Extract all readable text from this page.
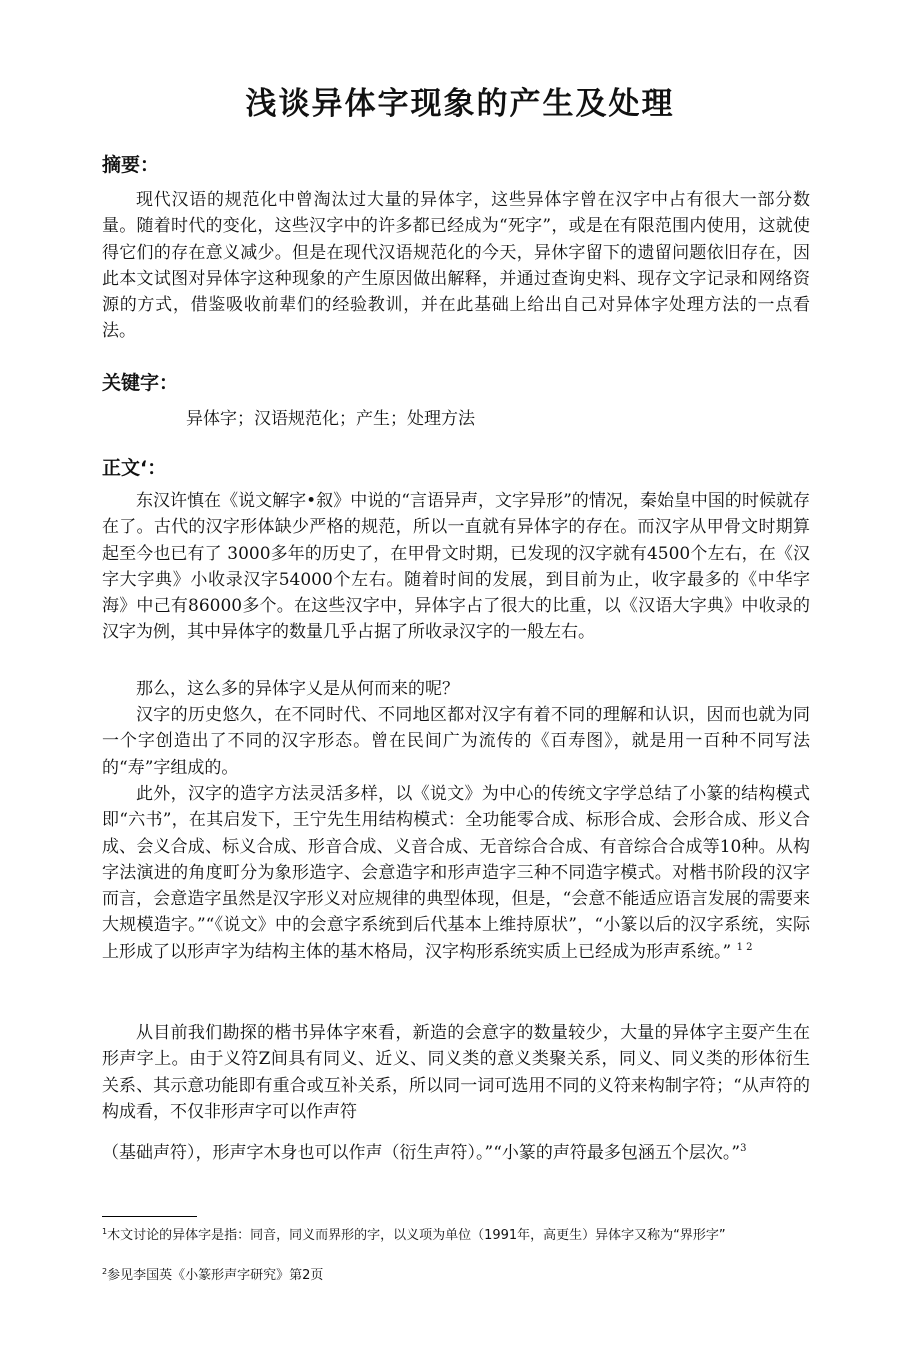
浅谈异体字现象的产生及处理
摘要：

现代汉语的规范化中曾淘汰过大量的异体字，这些异体字曾在汉字中占有很大一部分数量。随着时代的变化，这些汉字中的许多都已经成为“死字”，或是在有限范围内使用，这就使得它们的存在意义减少。但是在现代汉语规范化的今天，异休字留下的遗留问题依旧存在，因此本文试图对异体字这种现象的产生原因做出解释，并通过查询史料、现存文字记录和网络资源的方式，借鉴吸收前辈们的经验教训，并在此基础上给出自己对异体字处理方法的一点看法。

关键字：

异体字；汉语规范化；产生；处理方法

正文‘：

东汉许慎在《说文解字•叙》中说的“言语异声，文字异形”的情况，秦始皇中国的时候就存在了。古代的汉字形体缺少严格的规范，所以一直就有异体字的存在。而汉字从甲骨文时期算起至今也已有了 3000多年的历史了，在甲骨文时期，已发现的汉字就有4500个左右，在《汉字大字典》小收录汉字54000个左右。随着时间的发展，到目前为止，收字最多的《中华字海》中己有86000多个。在这些汉字中，异体字占了很大的比重，以《汉语大字典》中收录的汉字为例，其中异体字的数量几乎占据了所收录汉字的一般左右。

那么，这么多的异体字乂是从何而来的呢？

汉字的历史悠久，在不同时代、不同地区都对汉字有着不同的理解和认识，因而也就为同一个字创造出了不同的汉字形态。曾在民间广为流传的《百寿图》，就是用一百种不同写法的“寿”字组成的。

此外，汉字的造字方法灵活多样，以《说文》为中心的传统文字学总结了小篆的结构模式即“六书”，在其启发下，王宁先生用结构模式：全功能零合成、标形合成、会形合成、形义合成、会义合成、标义合成、形音合成、义音合成、无音综合合成、有音综合合成等10种。从构字法演进的角度町分为象形造字、会意造字和形声造字三种不同造字模式。对楷书阶段的汉字而言，会意造字虽然是汉字形义对应规律的典型体现，但是，“会意不能适应语言发展的需要来大规模造字。”“《说文》中的会意字系统到后代基本上维持原状”，“小篆以后的汉字系统，实际上形成了以形声字为结构主体的基木格局，汉字构形系统实质上已经成为形声系统。” $^{1 2}$

从目前我们勘探的楷书异体字來看，新造的会意字的数量较少，大量的异体字主耍产生在形声字上。由于义符Z间具有同义、近义、同义类的意义类聚关系，同义、同义类的形体衍生关系、其示意功能即有重合或互补关系，所以同一词可选用不同的义符来构制字符；“从声符的构成看，不仅非形声字可以作声符

（基础声符），形声字木身也可以作声（衍生声符）。”“小篆的声符最多包涵五个层次。”$^3$

$^1$木文讨论的异体字是指：同音，同义而界形的字，以义项为单位（1991年，高更生）异体字又称为“界形字”

$^2$参见李国英《小篆形声字研究》第2页
